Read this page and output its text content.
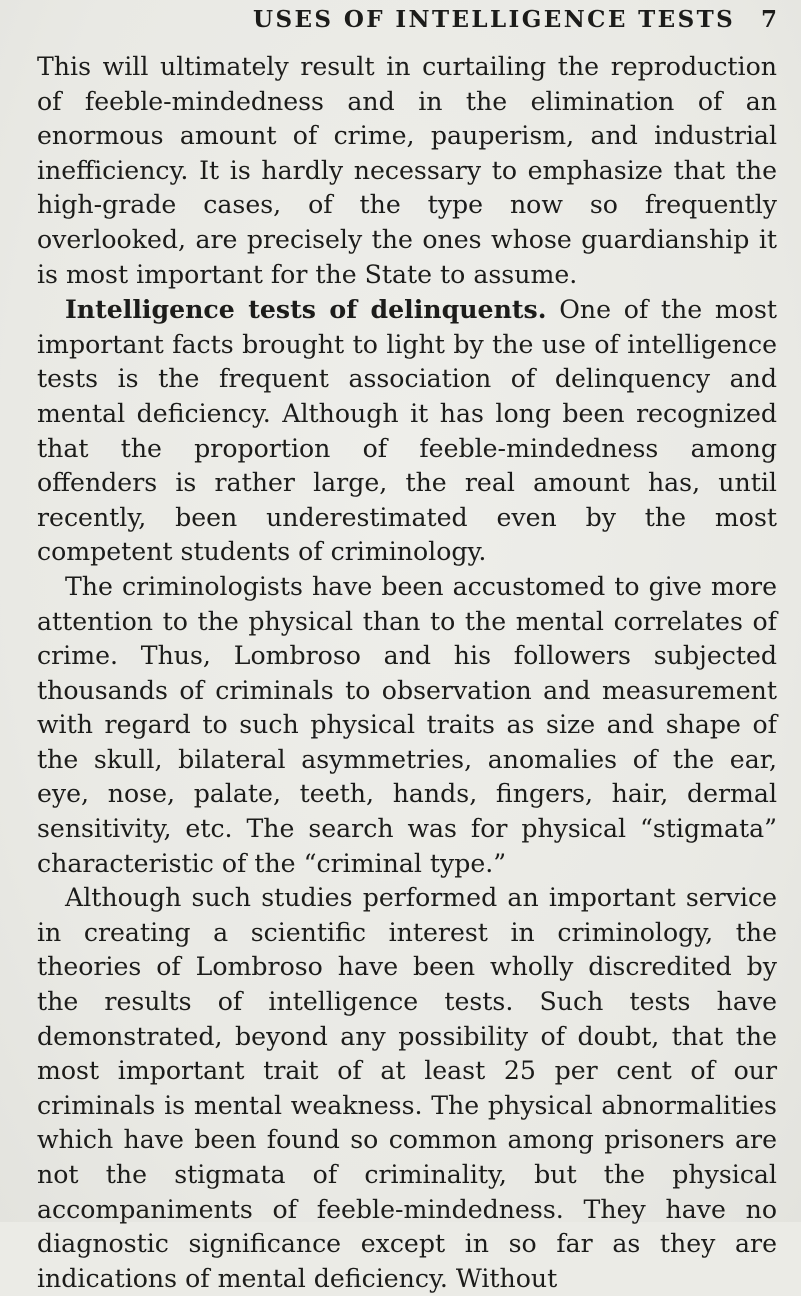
USES OF INTELLIGENCE TESTS 7

This will ultimately result in curtailing the reproduction of feeble-mindedness and in the elimination of an enormous amount of crime, pauperism, and industrial inefficiency. It is hardly necessary to emphasize that the high-grade cases, of the type now so frequently overlooked, are precisely the ones whose guardianship it is most important for the State to assume.

Intelligence tests of delinquents. One of the most important facts brought to light by the use of intelligence tests is the frequent association of delinquency and mental deficiency. Although it has long been recognized that the proportion of feeble-mindedness among offenders is rather large, the real amount has, until recently, been underestimated even by the most competent students of criminology.

The criminologists have been accustomed to give more attention to the physical than to the mental correlates of crime. Thus, Lombroso and his followers subjected thousands of criminals to observation and measurement with regard to such physical traits as size and shape of the skull, bilateral asymmetries, anomalies of the ear, eye, nose, palate, teeth, hands, fingers, hair, dermal sensitivity, etc. The search was for physical “stigmata” characteristic of the “criminal type.”

Although such studies performed an important service in creating a scientific interest in criminology, the theories of Lombroso have been wholly discredited by the results of intelligence tests. Such tests have demonstrated, beyond any possibility of doubt, that the most important trait of at least 25 per cent of our criminals is mental weakness. The physical abnormalities which have been found so common among prisoners are not the stigmata of criminality, but the physical accompaniments of feeble-mindedness. They have no diagnostic significance except in so far as they are indications of mental deficiency. Without
